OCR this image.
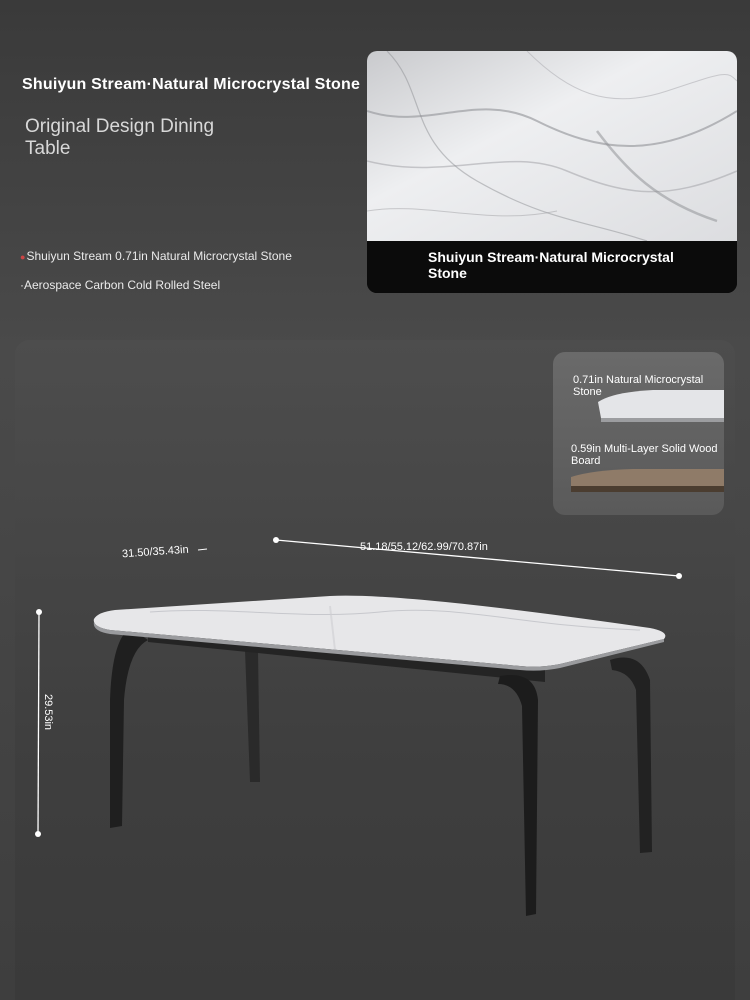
Shuiyun Stream·Natural Microcrystal Stone
Original Design Dining Table
●Shuiyun Stream 0.71in Natural Microcrystal Stone
·Aerospace Carbon Cold Rolled Steel
Shuiyun Stream·Natural Microcrystal Stone
0.71in Natural Microcrystal Stone
0.59in Multi-Layer Solid Wood Board
31.50/35.43in	51.18/55.12/62.99/70.87in
29.53in
